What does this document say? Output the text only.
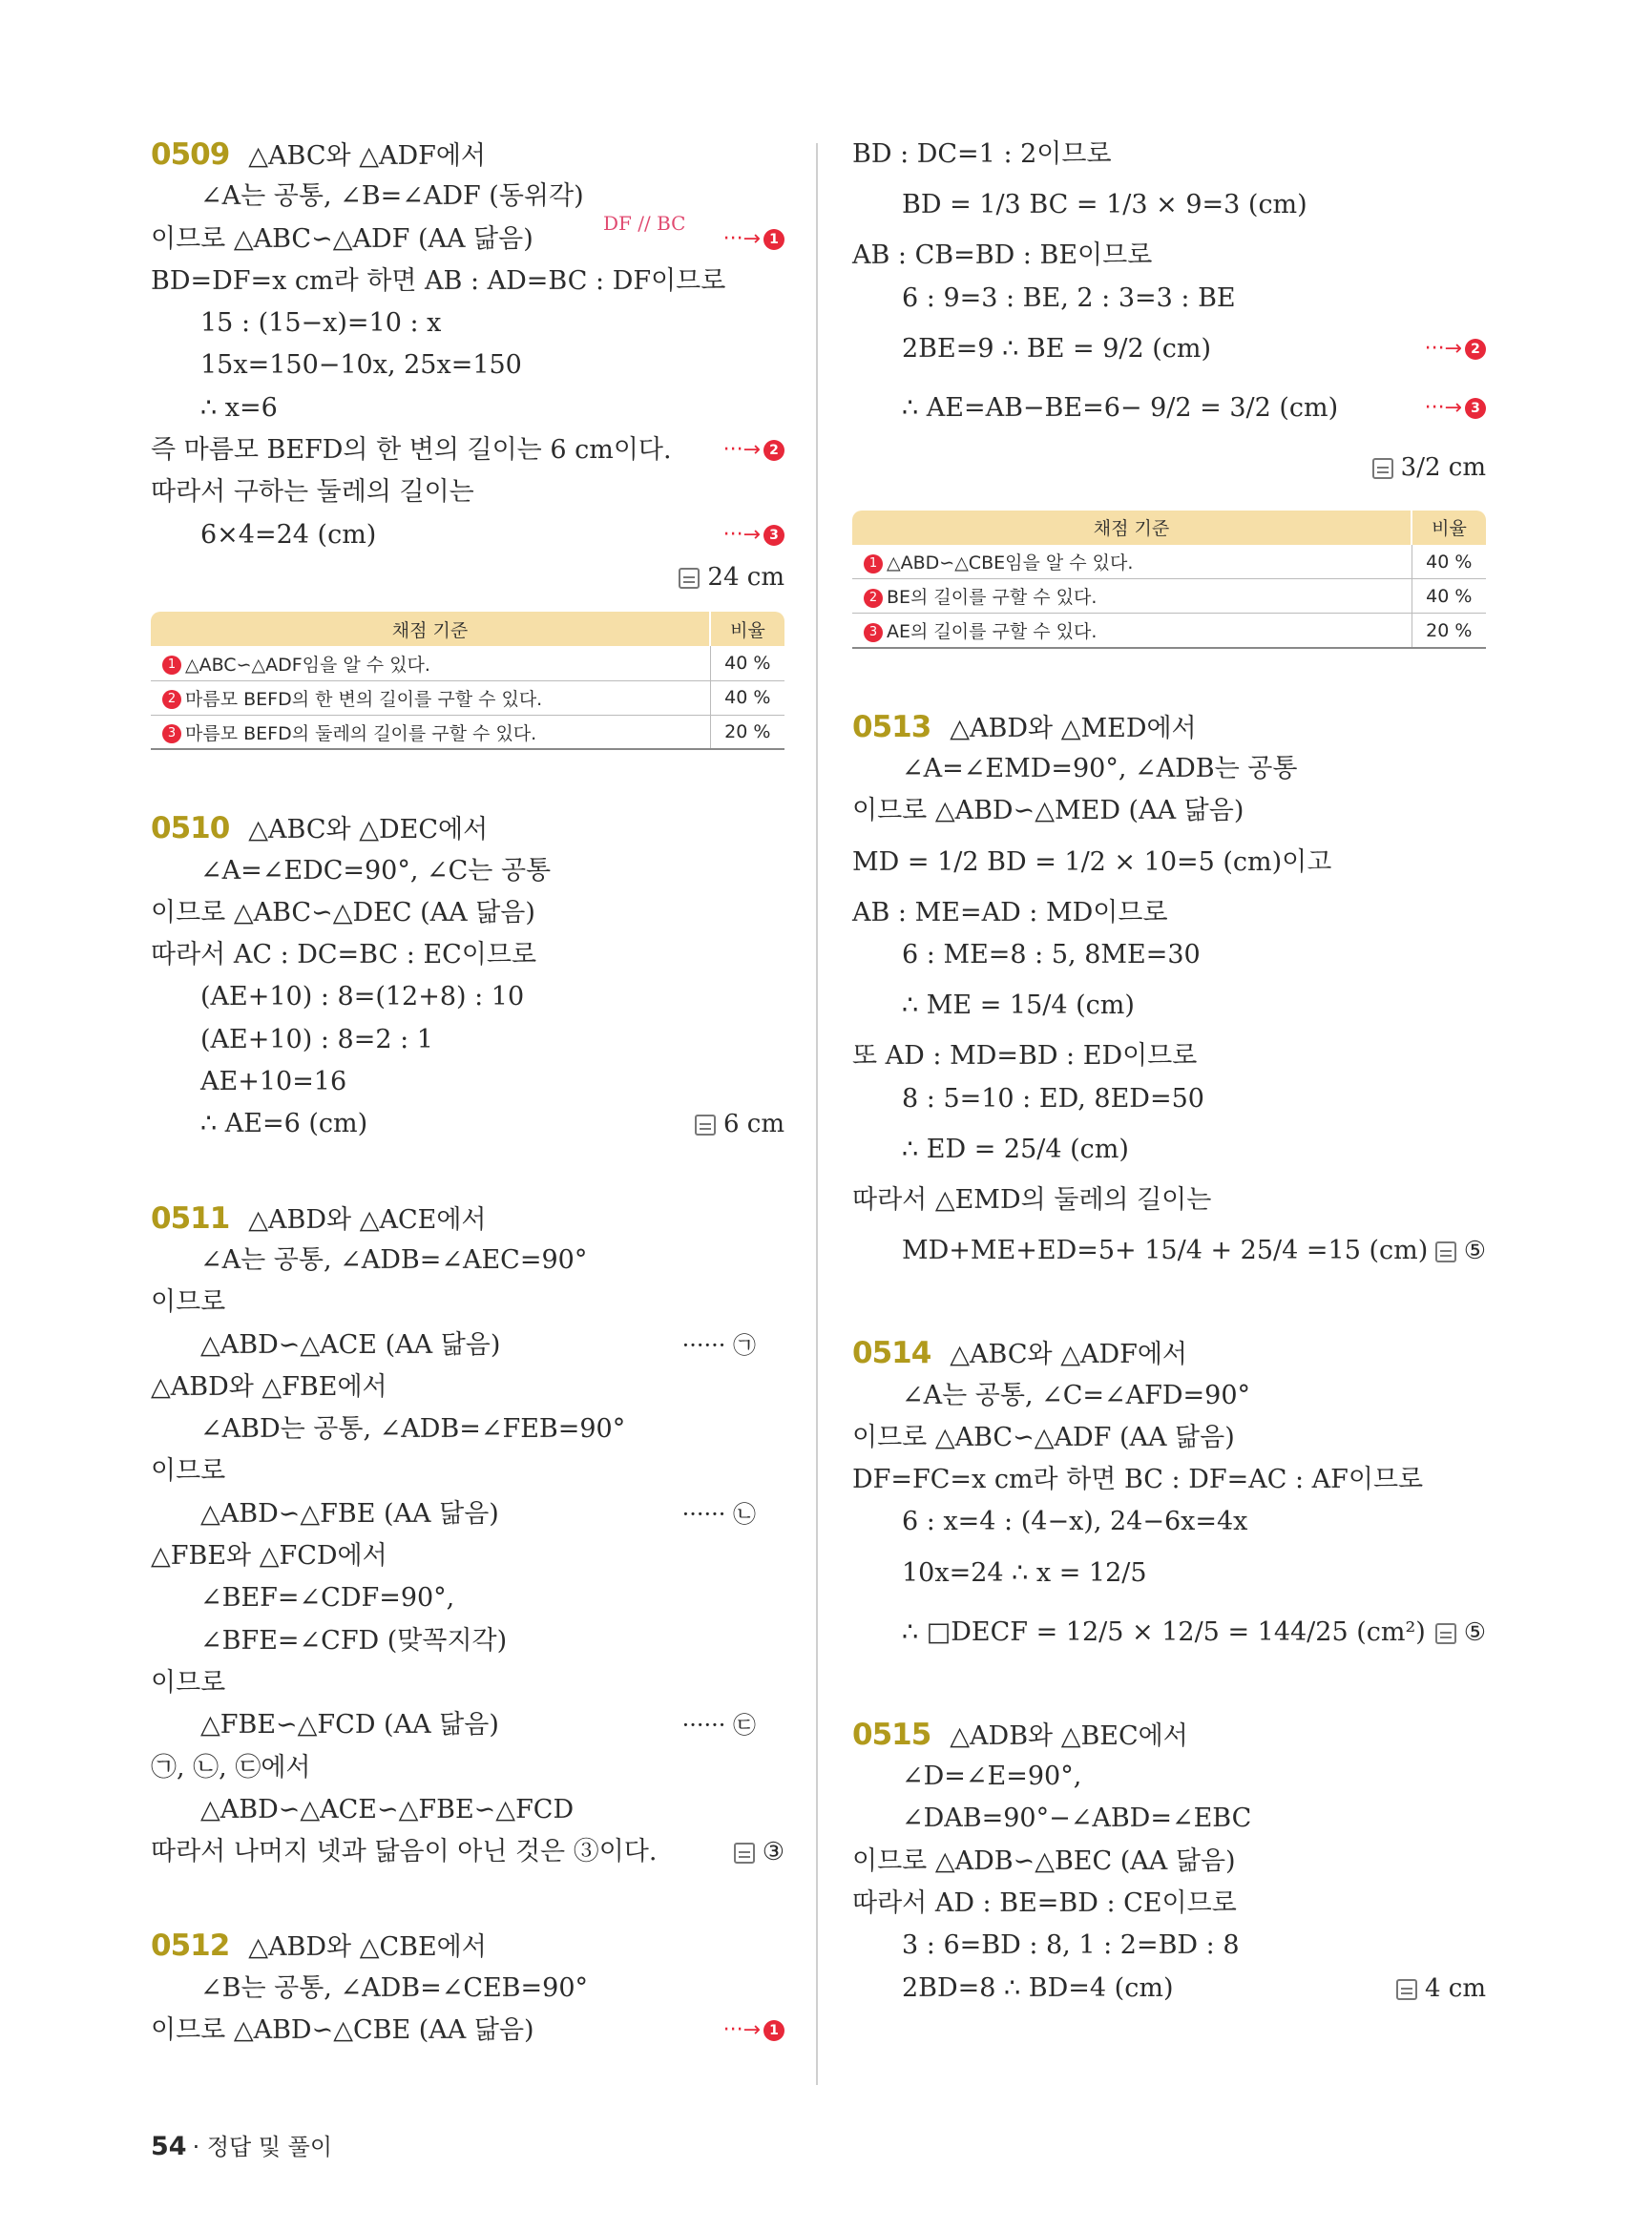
0509 △ABC와 △ADF에서
∠A는 공통, ∠B=∠ADF (동위각)
DF // BC
이므로 △ABC∽△ADF (AA 닮음)	···→ 1
BD=DF=x cm라 하면 AB : AD=BC : DF이므로
15 : (15−x)=10 : x
15x=150−10x, 25x=150
∴ x=6
즉 마름모 BEFD의 한 변의 길이는 6 cm이다. ···→ 2
따라서 구하는 둘레의 길이는
6×4=24 (cm)	···→ 3
24 cm
채점 기준	비율
1 △ABC∽△ADF임을 알 수 있다.	40 %
2 마름모 BEFD의 한 변의 길이를 구할 수 있다.	40 %
3 마름모 BEFD의 둘레의 길이를 구할 수 있다.	20 %
0510 △ABC와 △DEC에서
∠A=∠EDC=90°, ∠C는 공통
이므로 △ABC∽△DEC (AA 닮음)
따라서 AC : DC=BC : EC이므로
(AE+10) : 8=(12+8) : 10
(AE+10) : 8=2 : 1
AE+10=16
∴ AE=6 (cm)	6 cm
0511 △ABD와 △ACE에서
∠A는 공통, ∠ADB=∠AEC=90°
이므로
△ABD∽△ACE (AA 닮음)	······ ㉠
△ABD와 △FBE에서
∠ABD는 공통, ∠ADB=∠FEB=90°
이므로
△ABD∽△FBE (AA 닮음)	······ ㉡
△FBE와 △FCD에서
∠BEF=∠CDF=90°,
∠BFE=∠CFD (맞꼭지각)
이므로
△FBE∽△FCD (AA 닮음)	······ ㉢
㉠, ㉡, ㉢에서
△ABD∽△ACE∽△FBE∽△FCD
따라서 나머지 넷과 닮음이 아닌 것은 ③이다.	③
0512 △ABD와 △CBE에서
∠B는 공통, ∠ADB=∠CEB=90°
이므로 △ABD∽△CBE (AA 닮음)	···→ 1
BD : DC=1 : 2이므로
BD = 1/3 BC = 1/3 × 9=3 (cm)
AB : CB=BD : BE이므로
6 : 9=3 : BE, 2 : 3=3 : BE
2BE=9 ∴ BE = 9/2 (cm)	···→ 2
∴ AE=AB−BE=6− 9/2 = 3/2 (cm)	···→ 3
3/2 cm
채점 기준	비율
1 △ABD∽△CBE임을 알 수 있다.	40 %
2 BE의 길이를 구할 수 있다.	40 %
3 AE의 길이를 구할 수 있다.	20 %
0513 △ABD와 △MED에서
∠A=∠EMD=90°, ∠ADB는 공통
이므로 △ABD∽△MED (AA 닮음)
MD = 1/2 BD = 1/2 × 10=5 (cm)이고
AB : ME=AD : MD이므로
6 : ME=8 : 5, 8ME=30
∴ ME = 15/4 (cm)
또 AD : MD=BD : ED이므로
8 : 5=10 : ED, 8ED=50
∴ ED = 25/4 (cm)
따라서 △EMD의 둘레의 길이는
MD+ME+ED=5+ 15/4 + 25/4 =15 (cm)	⑤
0514 △ABC와 △ADF에서
∠A는 공통, ∠C=∠AFD=90°
이므로 △ABC∽△ADF (AA 닮음)
DF=FC=x cm라 하면 BC : DF=AC : AF이므로
6 : x=4 : (4−x), 24−6x=4x
10x=24 ∴ x = 12/5
∴ □DECF = 12/5 × 12/5 = 144/25 (cm²)	⑤
0515 △ADB와 △BEC에서
∠D=∠E=90°,
∠DAB=90°−∠ABD=∠EBC
이므로 △ADB∽△BEC (AA 닮음)
따라서 AD : BE=BD : CE이므로
3 : 6=BD : 8, 1 : 2=BD : 8
2BD=8 ∴ BD=4 (cm)	4 cm
54 · 정답 및 풀이
